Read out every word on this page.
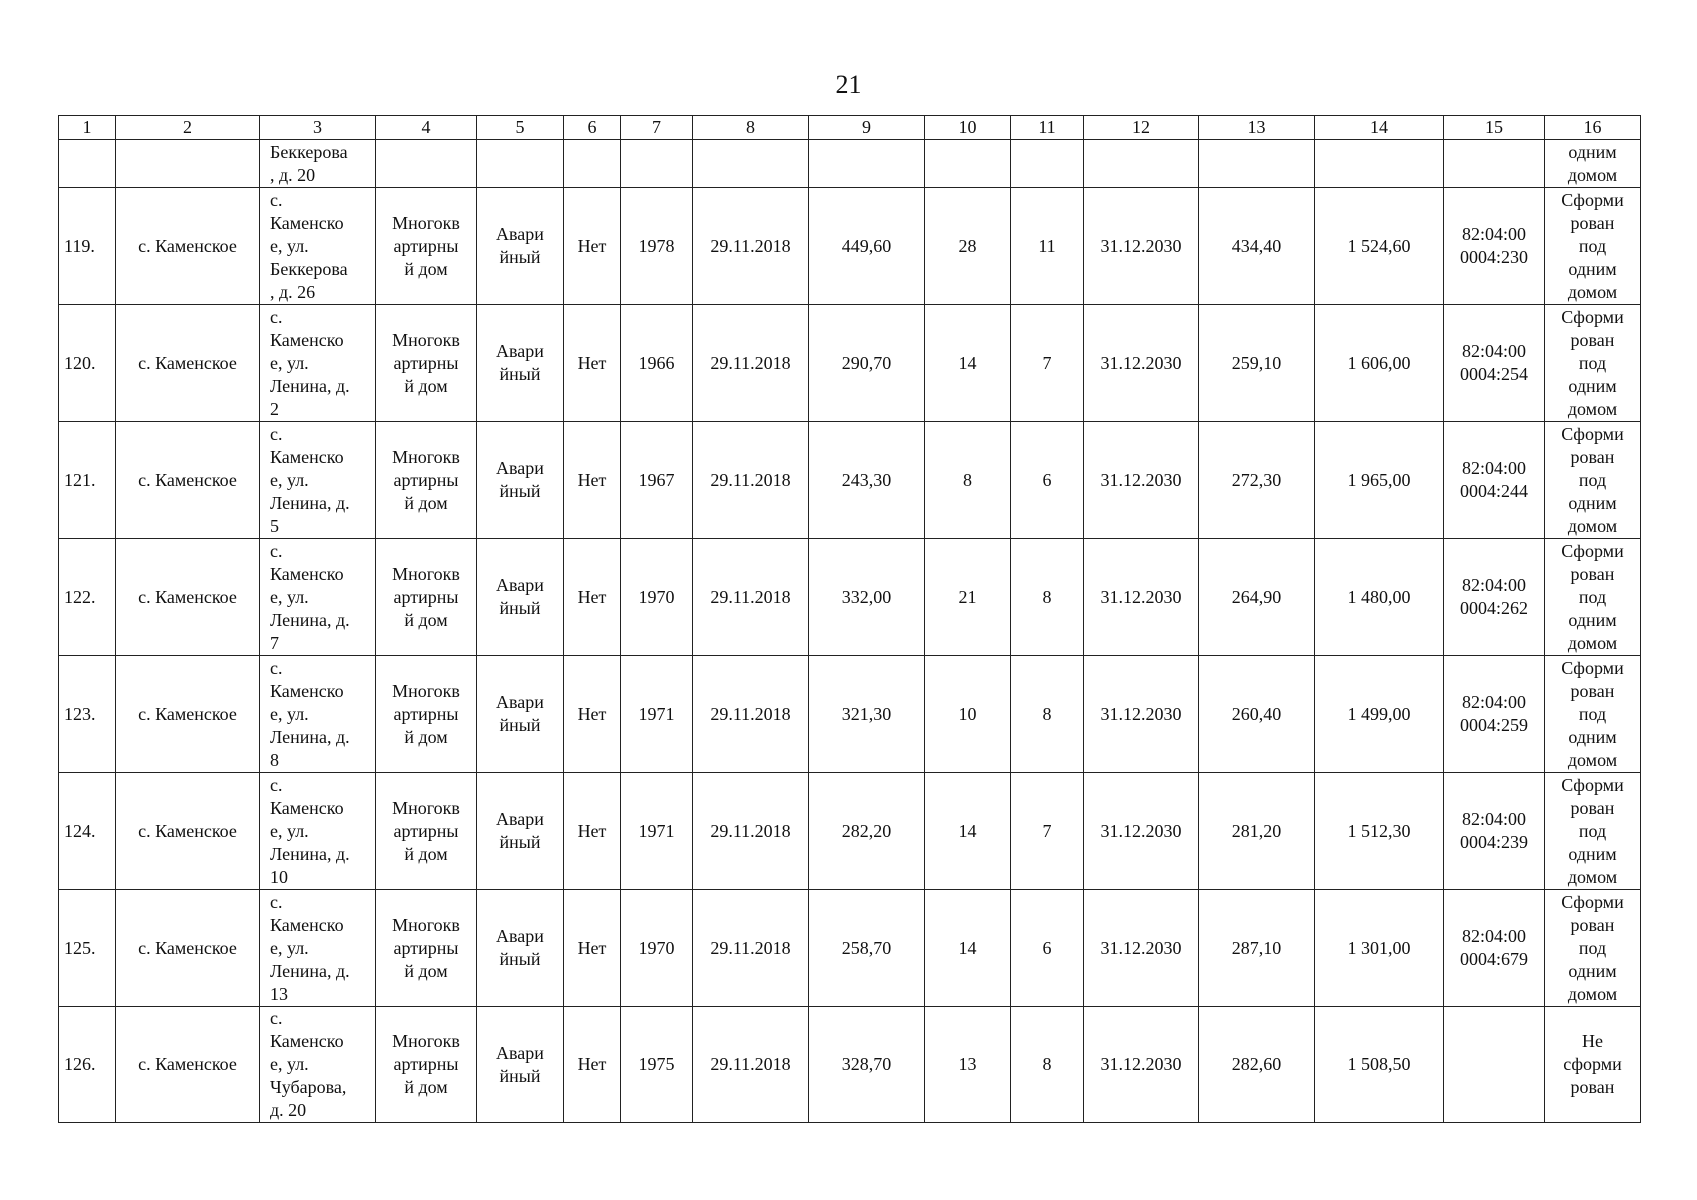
21
1	2	3	4	5	6	7	8	9	10	11	12	13	14	15	16
		Беккерова
, д. 20													одним
домом
119.	с. Каменское	с.
Каменско
е, ул.
Беккерова
, д. 26	Многокв
артирны
й дом	Авари
йный	Нет	1978	29.11.2018	449,60	28	11	31.12.2030	434,40	1 524,60	82:04:00
0004:230	Сформи
рован
под
одним
домом
120.	с. Каменское	с.
Каменско
е, ул.
Ленина, д.
2	Многокв
артирны
й дом	Авари
йный	Нет	1966	29.11.2018	290,70	14	7	31.12.2030	259,10	1 606,00	82:04:00
0004:254	Сформи
рован
под
одним
домом
121.	с. Каменское	с.
Каменско
е, ул.
Ленина, д.
5	Многокв
артирны
й дом	Авари
йный	Нет	1967	29.11.2018	243,30	8	6	31.12.2030	272,30	1 965,00	82:04:00
0004:244	Сформи
рован
под
одним
домом
122.	с. Каменское	с.
Каменско
е, ул.
Ленина, д.
7	Многокв
артирны
й дом	Авари
йный	Нет	1970	29.11.2018	332,00	21	8	31.12.2030	264,90	1 480,00	82:04:00
0004:262	Сформи
рован
под
одним
домом
123.	с. Каменское	с.
Каменско
е, ул.
Ленина, д.
8	Многокв
артирны
й дом	Авари
йный	Нет	1971	29.11.2018	321,30	10	8	31.12.2030	260,40	1 499,00	82:04:00
0004:259	Сформи
рован
под
одним
домом
124.	с. Каменское	с.
Каменско
е, ул.
Ленина, д.
10	Многокв
артирны
й дом	Авари
йный	Нет	1971	29.11.2018	282,20	14	7	31.12.2030	281,20	1 512,30	82:04:00
0004:239	Сформи
рован
под
одним
домом
125.	с. Каменское	с.
Каменско
е, ул.
Ленина, д.
13	Многокв
артирны
й дом	Авари
йный	Нет	1970	29.11.2018	258,70	14	6	31.12.2030	287,10	1 301,00	82:04:00
0004:679	Сформи
рован
под
одним
домом
126.	с. Каменское	с.
Каменско
е, ул.
Чубарова,
д. 20	Многокв
артирны
й дом	Авари
йный	Нет	1975	29.11.2018	328,70	13	8	31.12.2030	282,60	1 508,50		Не
сформи
рован
